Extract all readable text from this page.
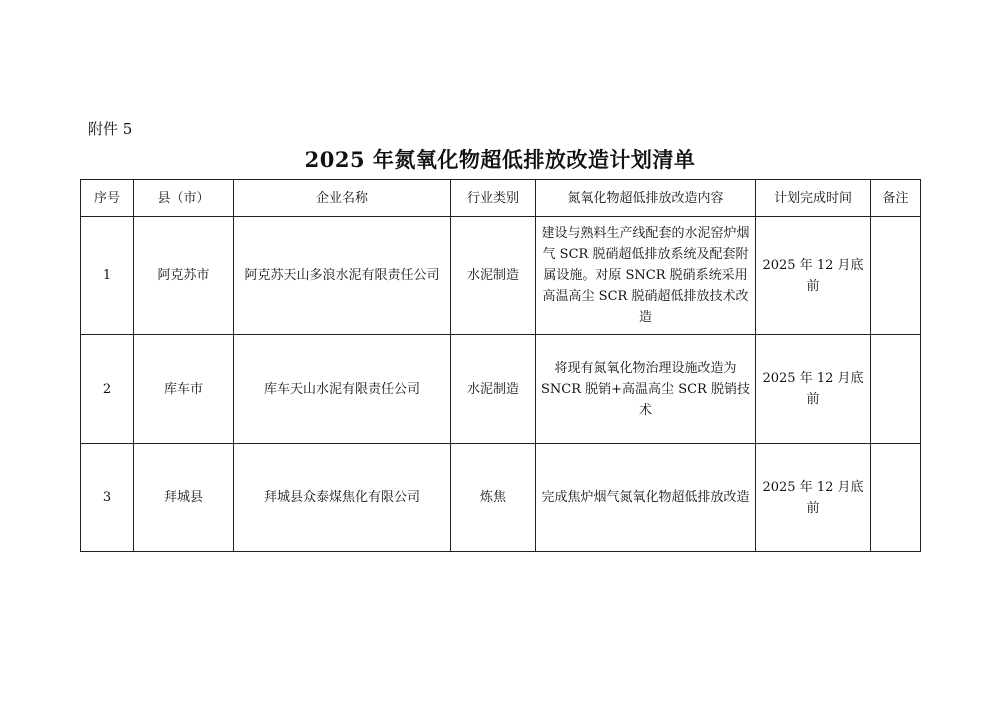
附件 5
2025 年氮氧化物超低排放改造计划清单
序号	县（市）	企业名称	行业类别	氮氧化物超低排放改造内容	计划完成时间	备注
1	阿克苏市	阿克苏天山多浪水泥有限责任公司	水泥制造	建设与熟料生产线配套的水泥窑炉烟气 SCR 脱硝超低排放系统及配套附属设施。对原 SNCR 脱硝系统采用高温高尘 SCR 脱硝超低排放技术改造	2025 年 12 月底前	
2	库车市	库车天山水泥有限责任公司	水泥制造	将现有氮氧化物治理设施改造为 SNCR 脱销+高温高尘 SCR 脱销技术	2025 年 12 月底前	
3	拜城县	拜城县众泰煤焦化有限公司	炼焦	完成焦炉烟气氮氧化物超低排放改造	2025 年 12 月底前	
